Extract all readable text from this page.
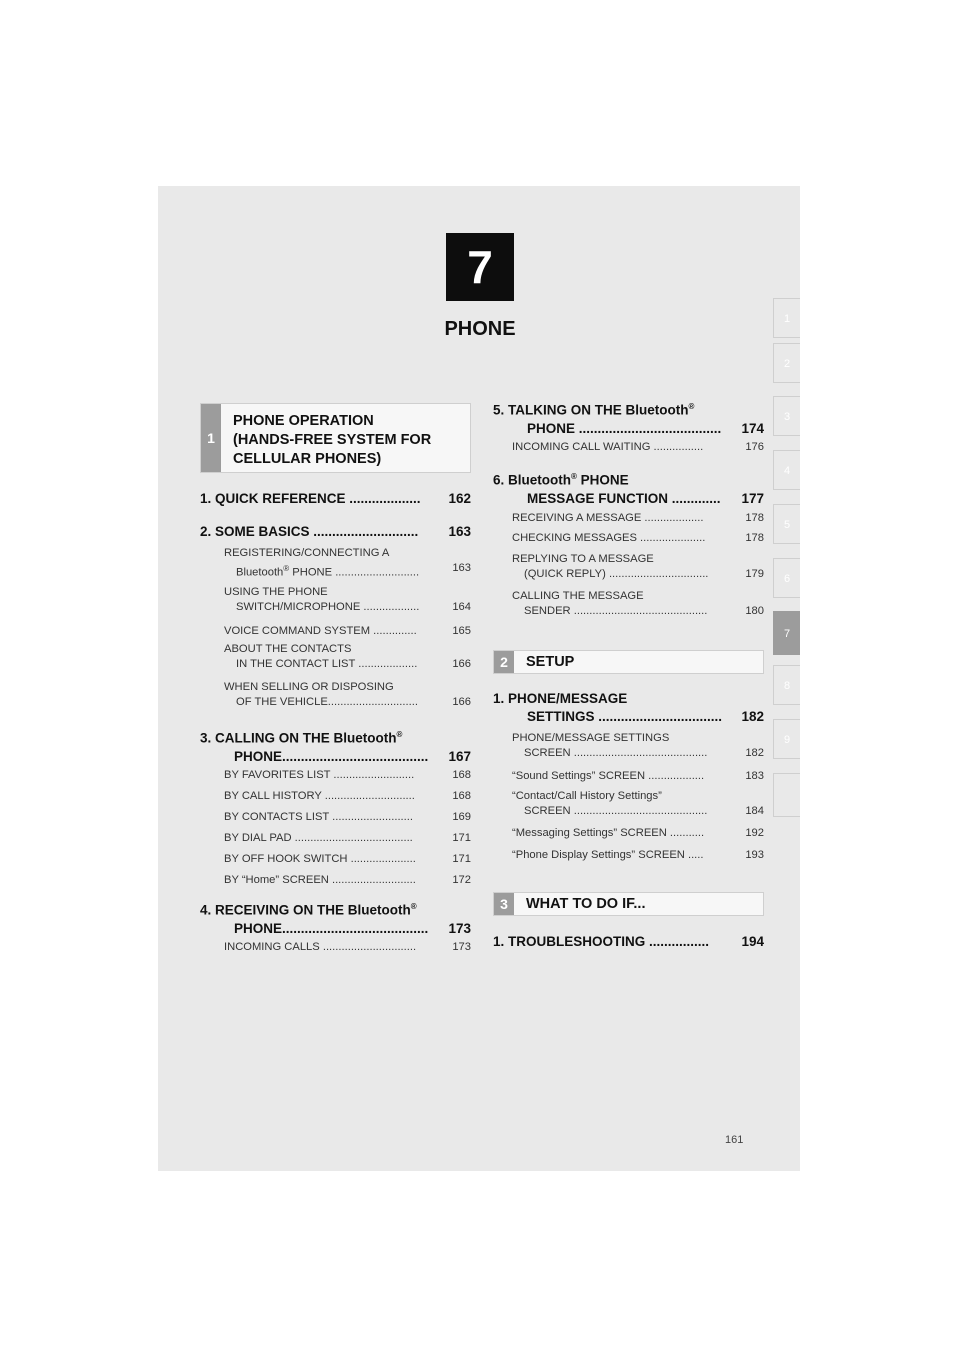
7
PHONE	1
2
3
4
5
6
7
8
9
1
PHONE OPERATION
(HANDS-FREE SYSTEM FOR
CELLULAR PHONES)
1. QUICK REFERENCE ................... 162
2. SOME BASICS ............................ 163
REGISTERING/CONNECTING A
Bluetooth® PHONE ...........................	163
USING THE PHONE
SWITCH/MICROPHONE ..................	164
VOICE COMMAND SYSTEM ..............	165
ABOUT THE CONTACTS
IN THE CONTACT LIST ...................	166
WHEN SELLING OR DISPOSING
OF THE VEHICLE.............................	166
3. CALLING ON THE Bluetooth®
PHONE....................................... 167
BY FAVORITES LIST ..........................	168
BY CALL HISTORY .............................	168
BY CONTACTS LIST ..........................	169
BY DIAL PAD ......................................	171
BY OFF HOOK SWITCH .....................	171
BY “Home” SCREEN ...........................	172
4. RECEIVING ON THE Bluetooth®
PHONE....................................... 173
INCOMING CALLS ..............................	173
5. TALKING ON THE Bluetooth®
PHONE ...................................... 174
INCOMING CALL WAITING ................	176
6. Bluetooth® PHONE
MESSAGE FUNCTION ............. 177
RECEIVING A MESSAGE ...................	178
CHECKING MESSAGES .....................	178
REPLYING TO A MESSAGE
(QUICK REPLY) ................................	179
CALLING THE MESSAGE
SENDER ...........................................	180
2	SETUP
1. PHONE/MESSAGE
SETTINGS ................................. 182
PHONE/MESSAGE SETTINGS
SCREEN ...........................................	182
“Sound Settings” SCREEN ..................	183
“Contact/Call History Settings”
SCREEN ...........................................	184
“Messaging Settings” SCREEN ...........	192
“Phone Display Settings” SCREEN .....	193
3	WHAT TO DO IF...
1. TROUBLESHOOTING ................ 194
161
